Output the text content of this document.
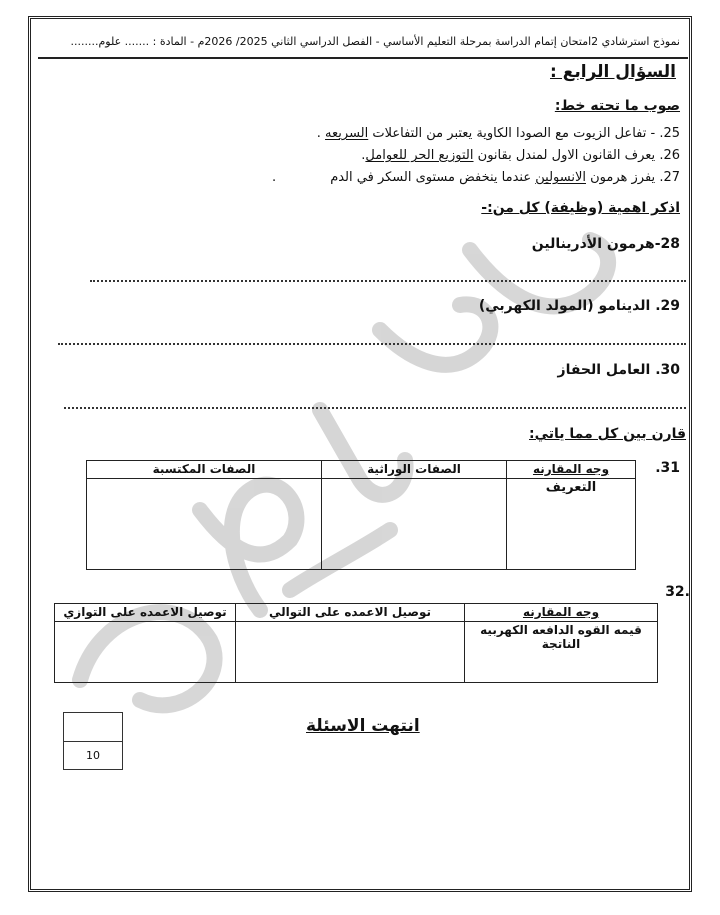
نموذج استرشادي 2امتحان إتمام الدراسة بمرحلة التعليم الأساسي - الفصل الدراسي الثاني 2025/ 2026م - المادة : ....... علوم........
السؤال الرابع :
صوب ما تحته خط:
25. - تفاعل الزيوت مع الصودا الكاوية يعتبر من التفاعلات السريعه .
26. يعرف القانون الاول لمندل بقانون التوزيع الحر للعوامل.
27. يفرز هرمون الانسولين عندما ينخفض مستوى السكر في الدم
.
اذكر اهمية (وظيفة) كل من:-
28-هرمون الأدرينالين
29. الدينامو (المولد الكهربي)
30. العامل الحفاز
قارن بين كل مما ياتي:
31.
وجه المقارنه	الصفات الوراثية	الصفات المكتسبة
التعريف		
.32
وجه المقارنه	توصيل الاعمده على التوالي	توصيل الاعمده على التوازي
قيمه القوه الدافعه الكهربيه الناتجة		
انتهت الاسئلة
10
